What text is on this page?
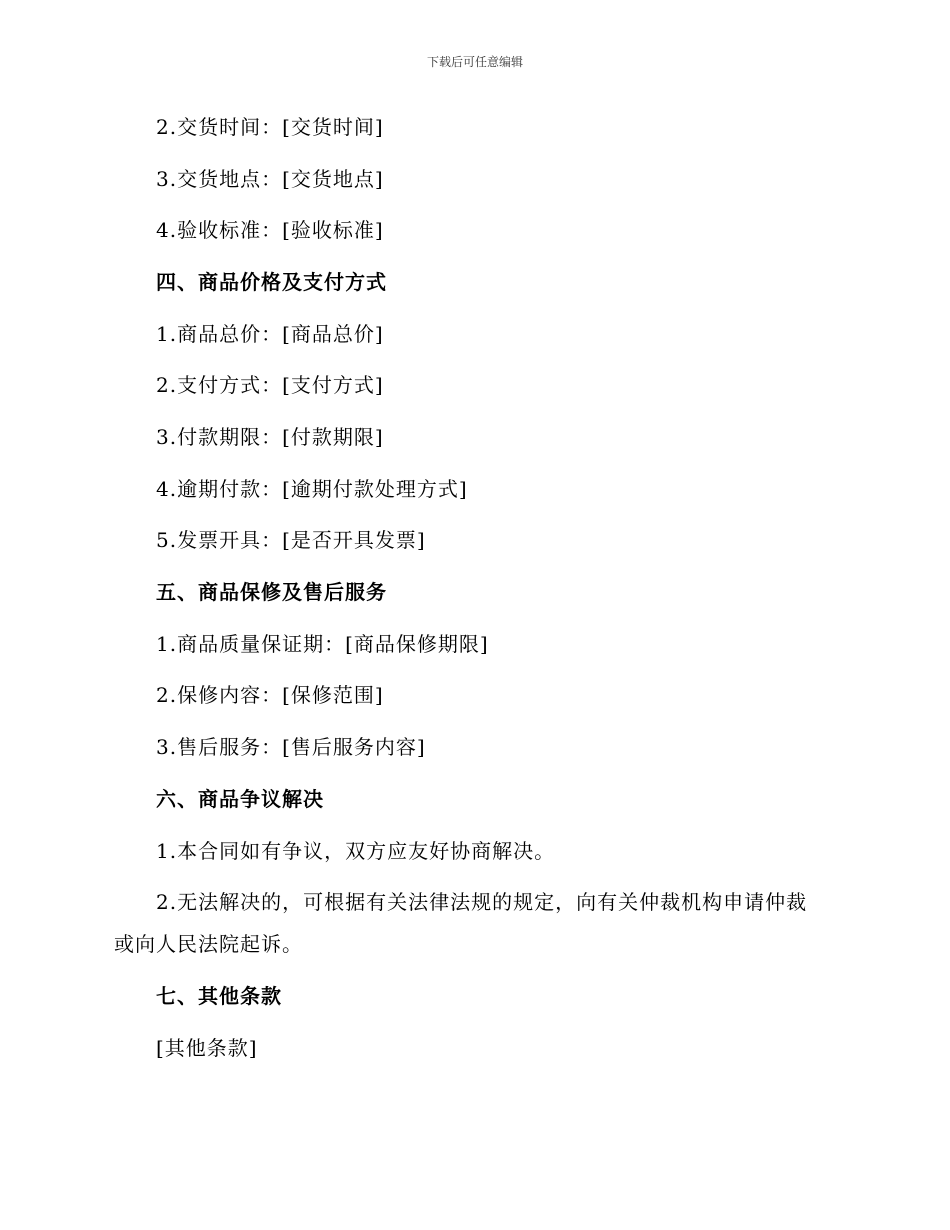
下载后可任意编辑
2.交货时间：[交货时间]
3.交货地点：[交货地点]
4.验收标准：[验收标准]
四、商品价格及支付方式
1.商品总价：[商品总价]
2.支付方式：[支付方式]
3.付款期限：[付款期限]
4.逾期付款：[逾期付款处理方式]
5.发票开具：[是否开具发票]
五、商品保修及售后服务
1.商品质量保证期：[商品保修期限]
2.保修内容：[保修范围]
3.售后服务：[售后服务内容]
六、商品争议解决
1.本合同如有争议，双方应友好协商解决。
2.无法解决的，可根据有关法律法规的规定，向有关仲裁机构申请仲裁
或向人民法院起诉。
七、其他条款
[其他条款]
